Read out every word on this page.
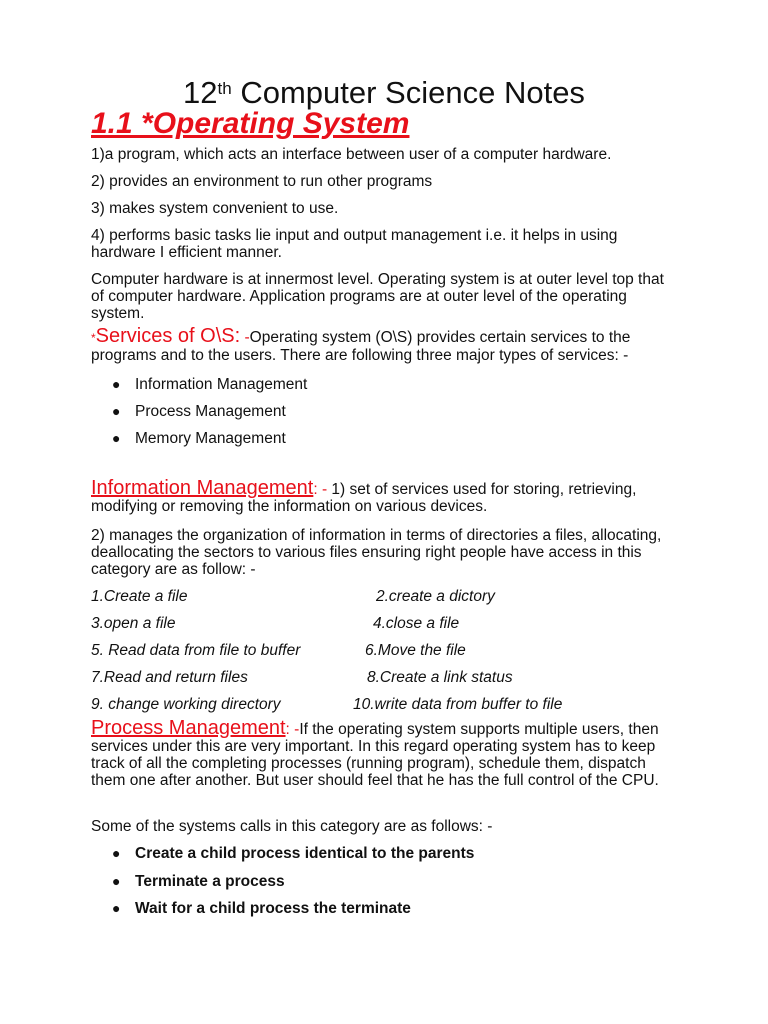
12th Computer Science Notes
1.1 *Operating System
1)a program, which acts an interface between user of a computer hardware.
2) provides an environment to run other programs
3) makes system convenient to use.
4) performs basic tasks lie input and output management i.e. it helps in using hardware I efficient manner.
Computer hardware is at innermost level. Operating system is at outer level top that of computer hardware. Application programs are at outer level of the operating system.
*Services of O\S: -Operating system (O\S) provides certain services to the programs and to the users. There are following three major types of services: -
● Information Management
● Process Management
● Memory Management
Information Management: - 1) set of services used for storing, retrieving, modifying or removing the information on various devices.
2) manages the organization of information in terms of directories a files, allocating, deallocating the sectors to various files ensuring right people have access in this category are as follow: -
1.Create a file	2.create a dictory
3.open a file	4.close a file
5. Read data from file to buffer	6.Move the file
7.Read and return files	8.Create a link status
9. change working directory	10.write data from buffer to file
Process Management: -If the operating system supports multiple users, then services under this are very important. In this regard operating system has to keep track of all the completing processes (running program), schedule them, dispatch them one after another. But user should feel that he has the full control of the CPU.
Some of the systems calls in this category are as follows: -
● Create a child process identical to the parents
● Terminate a process
● Wait for a child process the terminate
